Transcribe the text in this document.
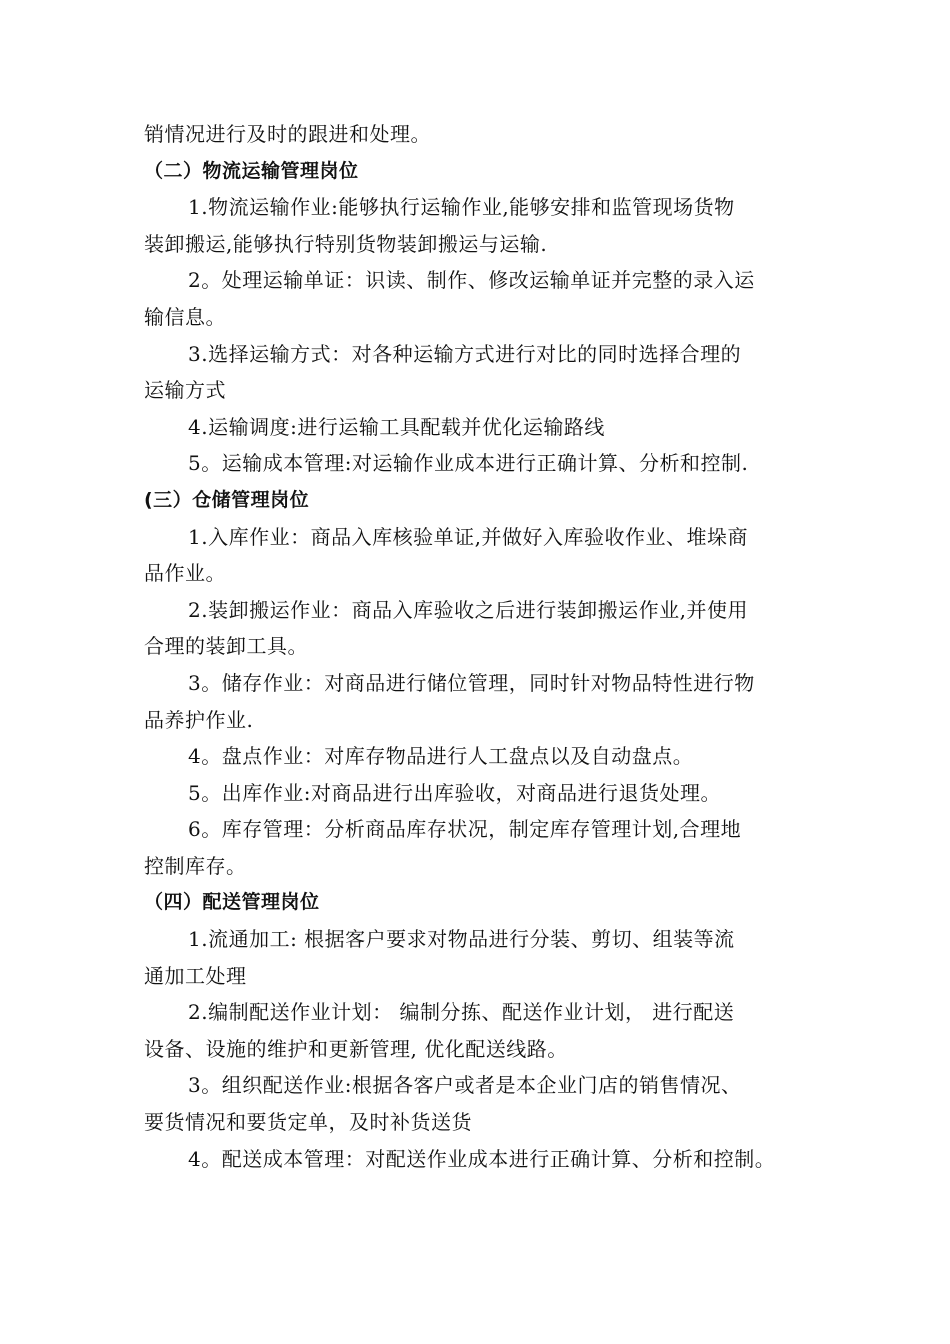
销情况进行及时的跟进和处理。
（二）物流运输管理岗位
1.物流运输作业:能够执行运输作业,能够安排和监管现场货物
装卸搬运,能够执行特别货物装卸搬运与运输.
2。处理运输单证：识读、制作、修改运输单证并完整的录入运
输信息。
3.选择运输方式：对各种运输方式进行对比的同时选择合理的
运输方式
4.运输调度:进行运输工具配载并优化运输路线
5。运输成本管理:对运输作业成本进行正确计算、分析和控制.
(三）仓储管理岗位
1.入库作业：商品入库核验单证,并做好入库验收作业、堆垛商
品作业。
2.装卸搬运作业：商品入库验收之后进行装卸搬运作业,并使用
合理的装卸工具。
3。储存作业：对商品进行储位管理，同时针对物品特性进行物
品养护作业.
4。盘点作业：对库存物品进行人工盘点以及自动盘点。
5。出库作业:对商品进行出库验收，对商品进行退货处理。
6。库存管理：分析商品库存状况，制定库存管理计划,合理地
控制库存。
（四）配送管理岗位
1.流通加工: 根据客户要求对物品进行分装、剪切、组装等流
通加工处理
2.编制配送作业计划： 编制分拣、配送作业计划， 进行配送
设备、设施的维护和更新管理, 优化配送线路。
3。组织配送作业:根据各客户或者是本企业门店的销售情况、
要货情况和要货定单，及时补货送货
4。配送成本管理：对配送作业成本进行正确计算、分析和控制。
